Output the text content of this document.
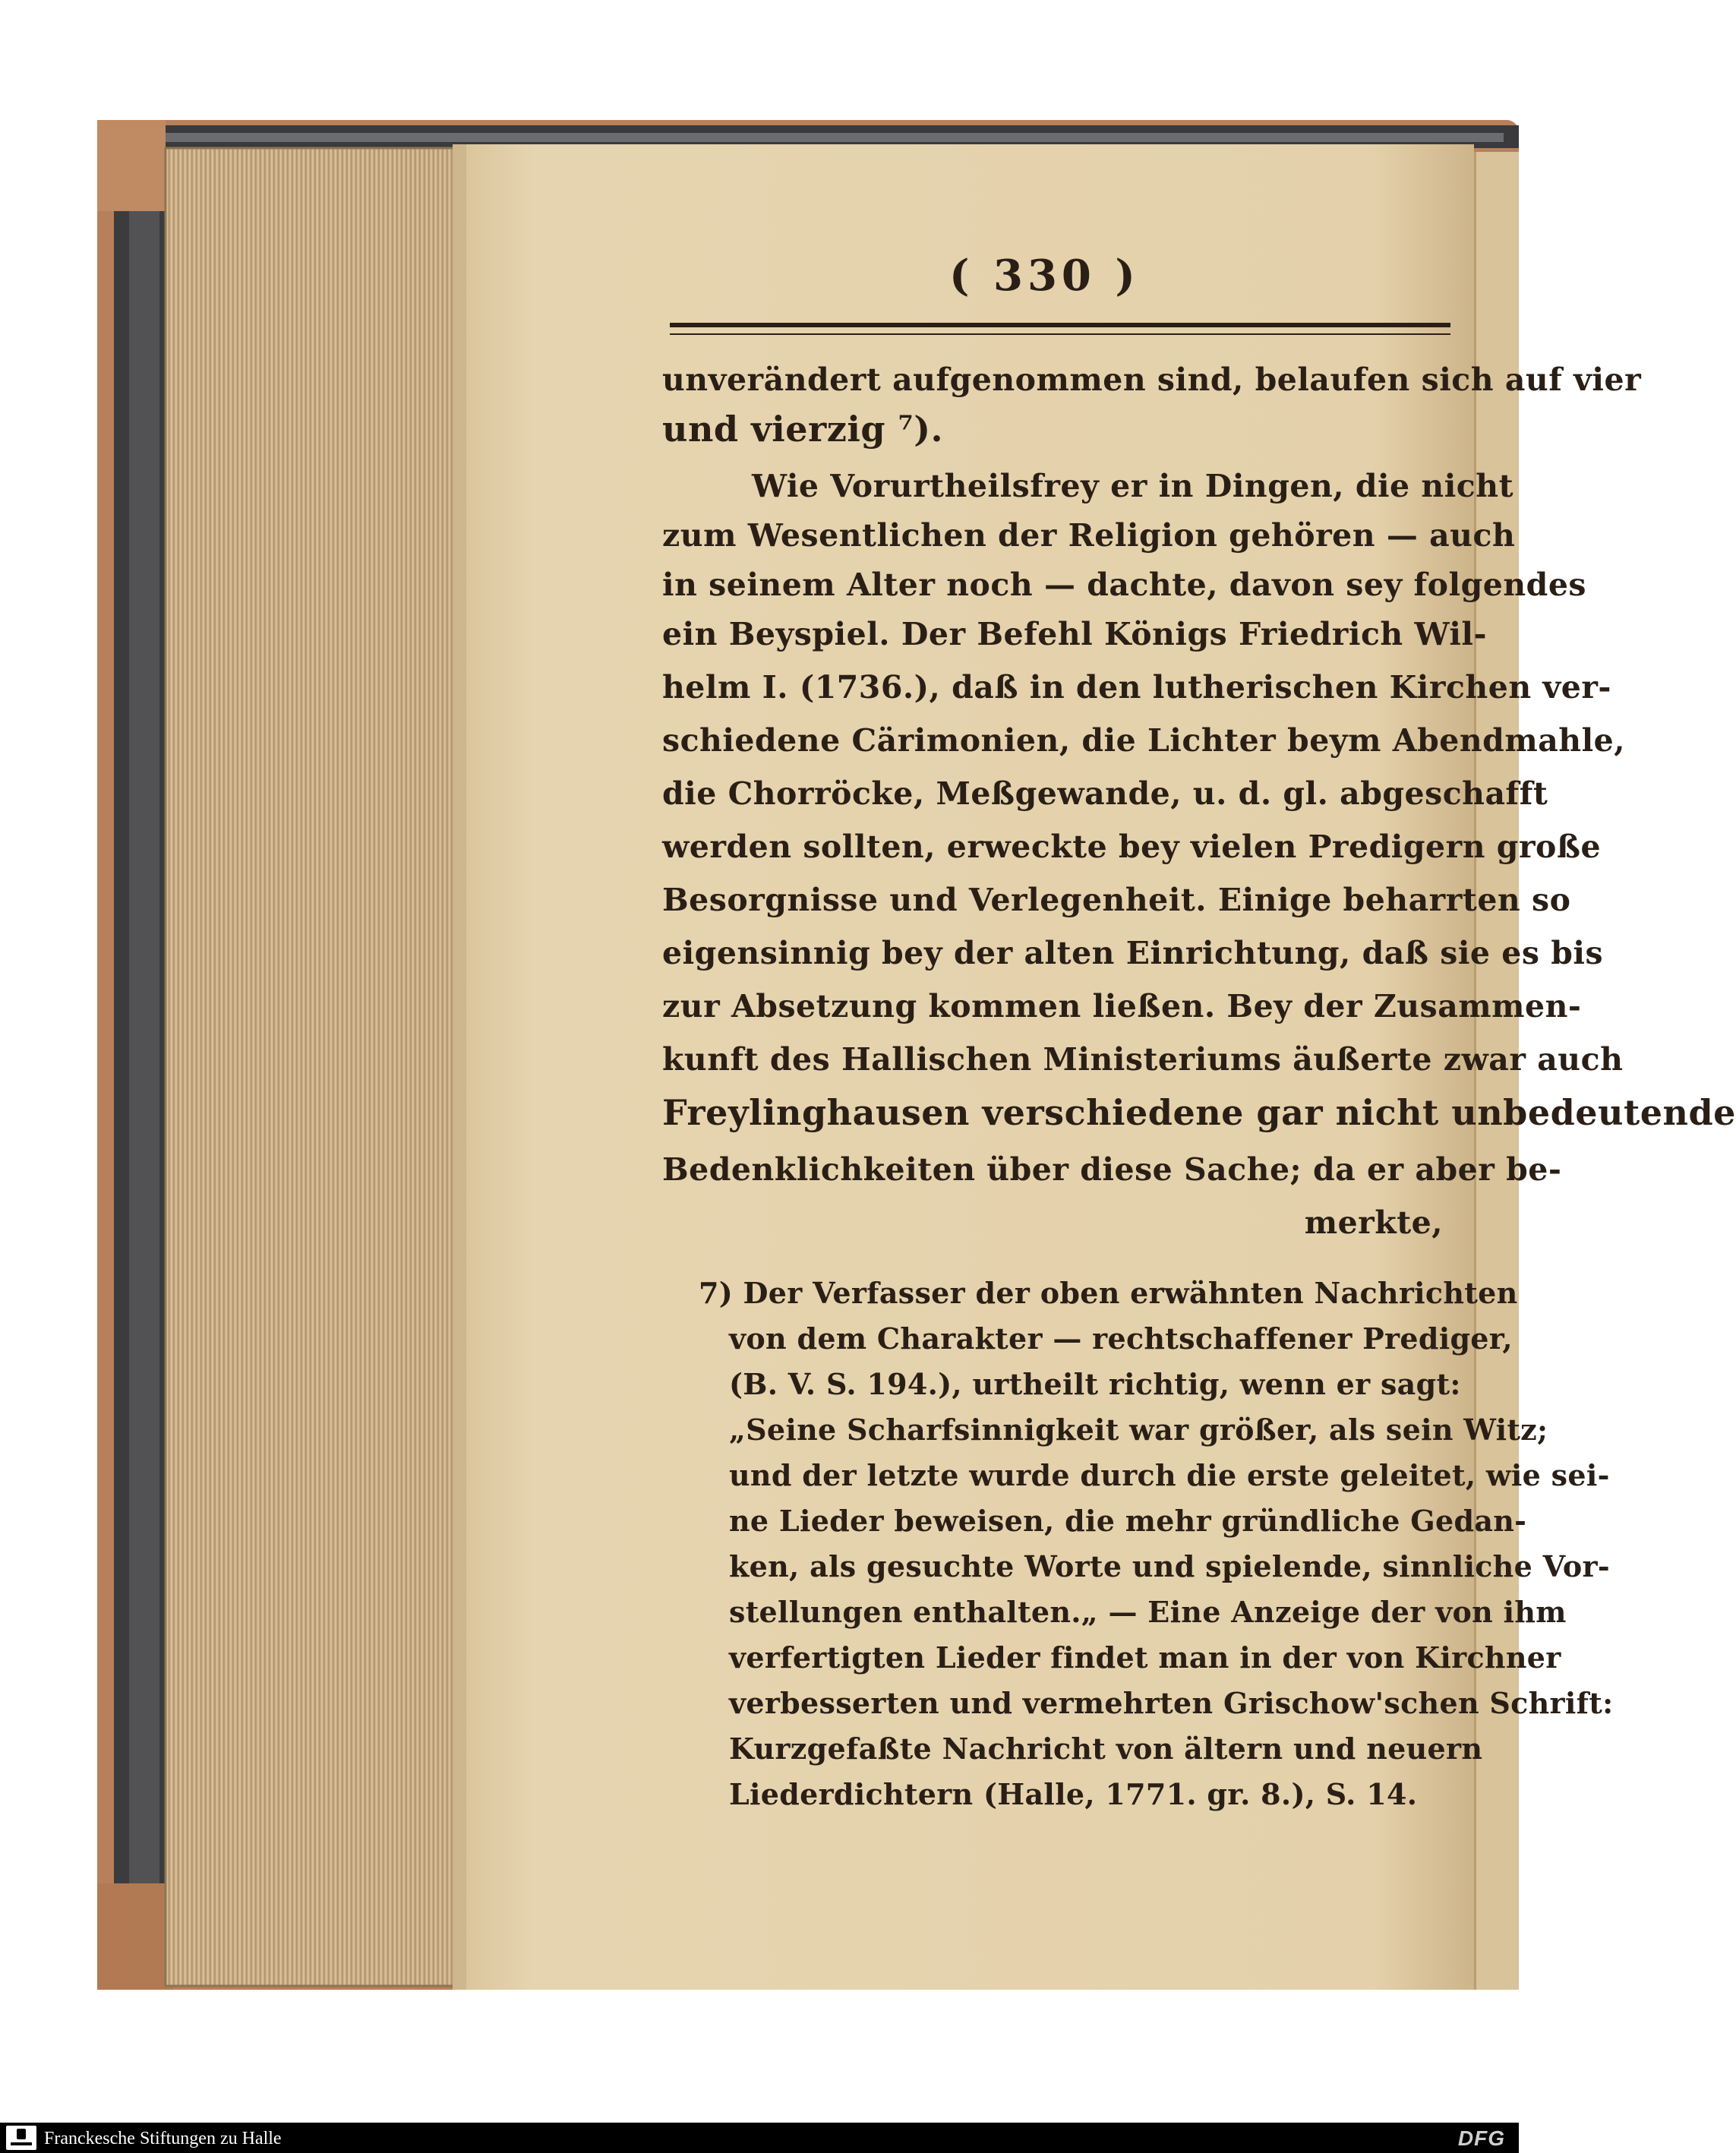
( 330 )
unverändert aufgenommen sind, belaufen sich auf vier
und vierzig ⁷).
Wie Vorurtheilsfrey er in Dingen, die nicht
zum Wesentlichen der Religion gehören — auch
in seinem Alter noch — dachte, davon sey folgendes
ein Beyspiel. Der Befehl Königs Friedrich Wil-
helm I. (1736.), daß in den lutherischen Kirchen ver-
schiedene Cärimonien, die Lichter beym Abendmahle,
die Chorröcke, Meßgewande, u. d. gl. abgeschafft
werden sollten, erweckte bey vielen Predigern große
Besorgnisse und Verlegenheit. Einige beharrten so
eigensinnig bey der alten Einrichtung, daß sie es bis
zur Absetzung kommen ließen. Bey der Zusammen-
kunft des Hallischen Ministeriums äußerte zwar auch
Freylinghausen verschiedene gar nicht unbedeutende
Bedenklichkeiten über diese Sache; da er aber be-
merkte,
7) Der Verfasser der oben erwähnten Nachrichten
von dem Charakter — rechtschaffener Prediger,
(B. V. S. 194.), urtheilt richtig, wenn er sagt:
„Seine Scharfsinnigkeit war größer, als sein Witz;
und der letzte wurde durch die erste geleitet, wie sei-
ne Lieder beweisen, die mehr gründliche Gedan-
ken, als gesuchte Worte und spielende, sinnliche Vor-
stellungen enthalten.„ — Eine Anzeige der von ihm
verfertigten Lieder findet man in der von Kirchner
verbesserten und vermehrten Grischow'schen Schrift:
Kurzgefaßte Nachricht von ältern und neuern
Liederdichtern (Halle, 1771. gr. 8.), S. 14.
Franckesche Stiftungen zu Halle	DFG
